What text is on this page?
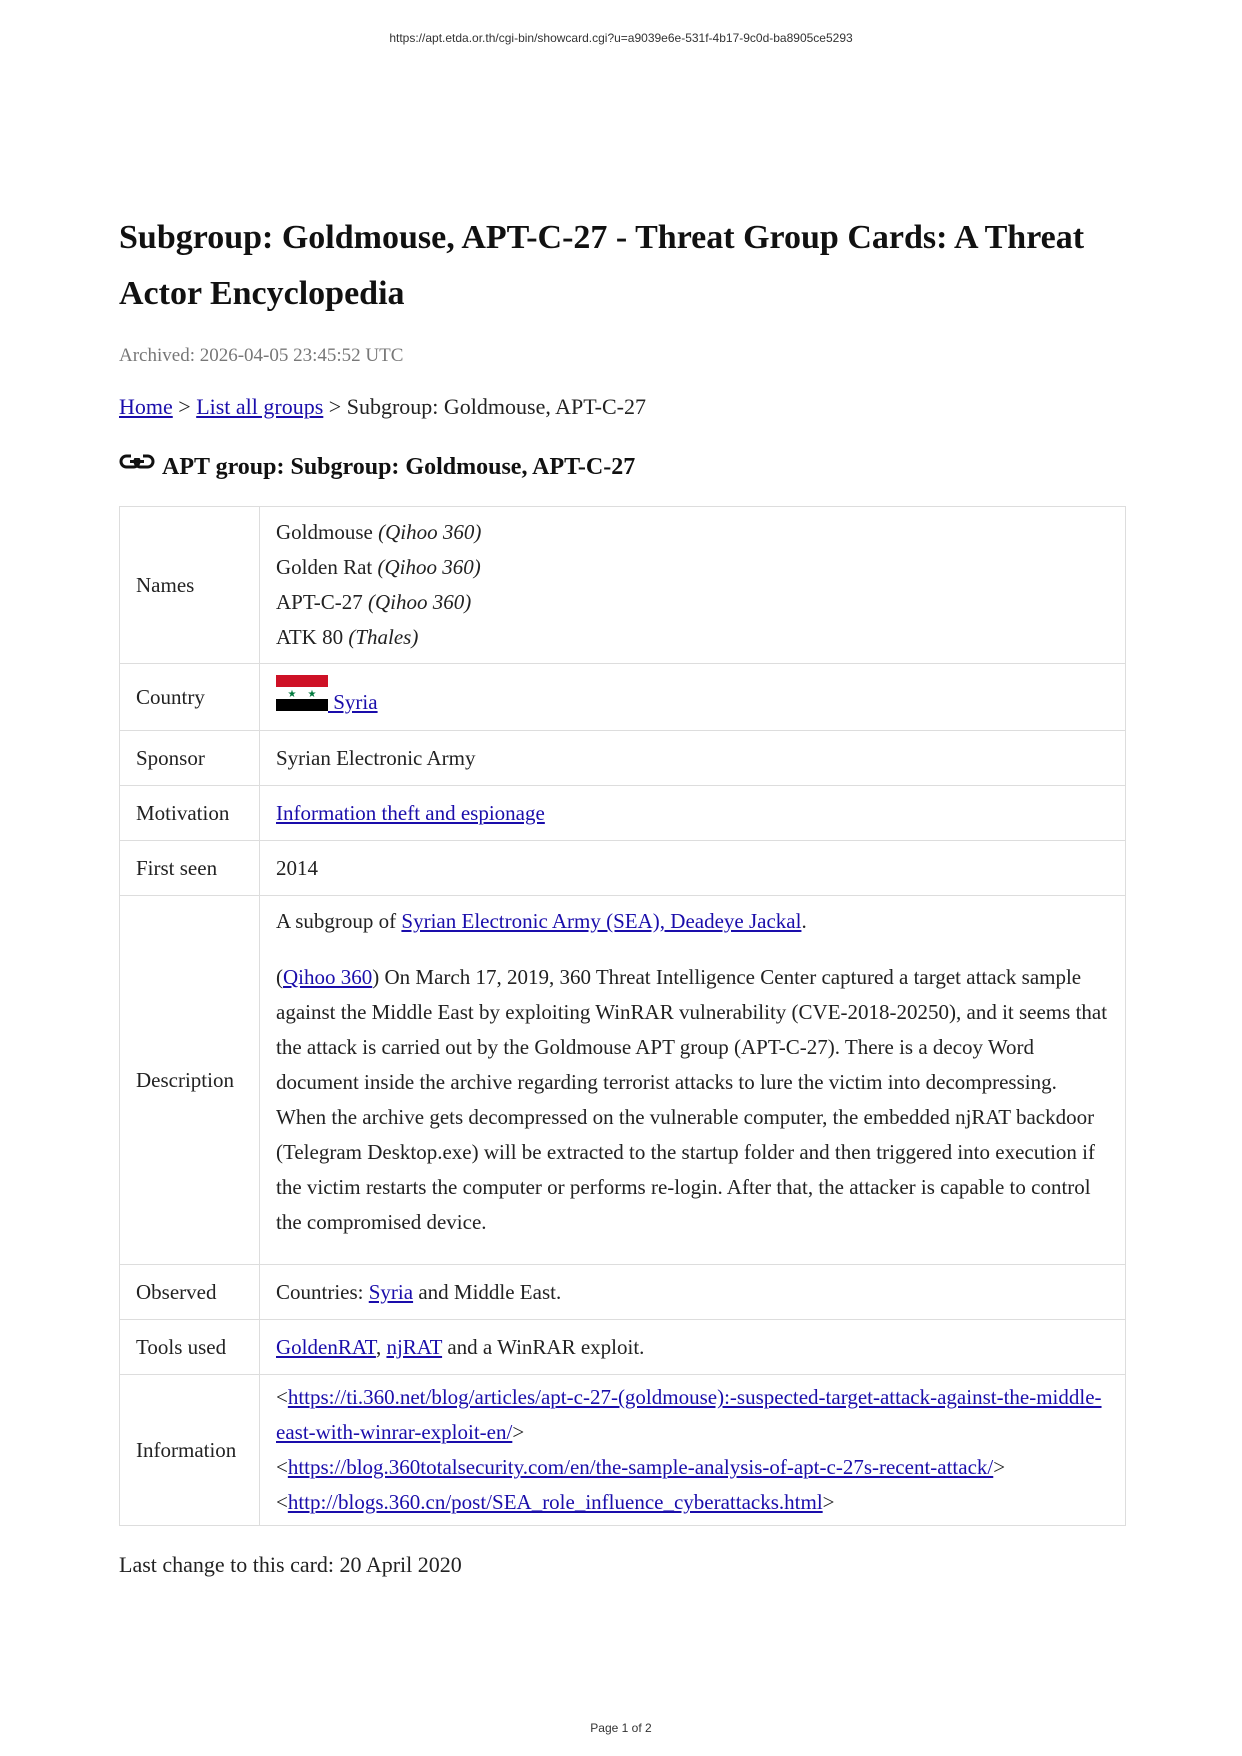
https://apt.etda.or.th/cgi-bin/showcard.cgi?u=a9039e6e-531f-4b17-9c0d-ba8905ce5293
Subgroup: Goldmouse, APT-C-27 - Threat Group Cards: A Threat Actor Encyclopedia
Archived: 2026-04-05 23:45:52 UTC
Home > List all groups > Subgroup: Goldmouse, APT-C-27
APT group: Subgroup: Goldmouse, APT-C-27
Names	Goldmouse (Qihoo 360)
Golden Rat (Qihoo 360)
APT-C-27 (Qihoo 360)
ATK 80 (Thales)

Country	★ ★ Syria
Sponsor	Syrian Electronic Army
Motivation	Information theft and espionage
First seen	2014
Description	A subgroup of Syrian Electronic Army (SEA), Deadeye Jackal.

(Qihoo 360) On March 17, 2019, 360 Threat Intelligence Center captured a target attack sample against the Middle East by exploiting WinRAR vulnerability (CVE-2018-20250), and it seems that the attack is carried out by the Goldmouse APT group (APT-C-27). There is a decoy Word document inside the archive regarding terrorist attacks to lure the victim into decompressing. When the archive gets decompressed on the vulnerable computer, the embedded njRAT backdoor (Telegram Desktop.exe) will be extracted to the startup folder and then triggered into execution if the victim restarts the computer or performs re-login. After that, the attacker is capable to control the compromised device.

Observed	Countries: Syria and Middle East.
Tools used	GoldenRAT, njRAT and a WinRAR exploit.
Information	<https://ti.360.net/blog/articles/apt-c-27-(goldmouse):-suspected-target-attack-against-the-middle-east-with-winrar-exploit-en/>
<https://blog.360totalsecurity.com/en/the-sample-analysis-of-apt-c-27s-recent-attack/>
<http://blogs.360.cn/post/SEA_role_influence_cyberattacks.html>
Last change to this card: 20 April 2020
Page 1 of 2
